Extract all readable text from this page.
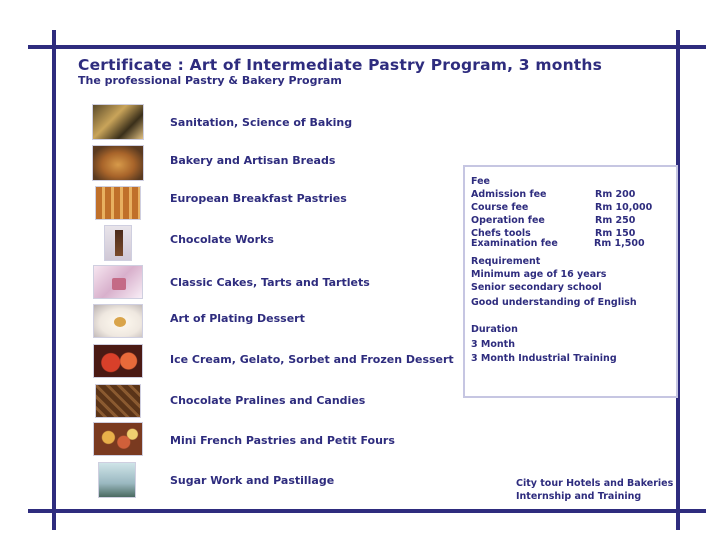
Certificate : Art of Intermediate Pastry Program, 3 months
The professional Pastry & Bakery Program
Sanitation, Science of Baking
Bakery and Artisan Breads
European Breakfast Pastries
Chocolate Works
Classic Cakes, Tarts and Tartlets
Art of Plating Dessert
Ice Cream, Gelato, Sorbet and Frozen Dessert
Chocolate Pralines and Candies
Mini French Pastries and Petit Fours
Sugar Work and Pastillage
Fee
Admission fee	Rm 200
Course fee	Rm 10,000
Operation fee	Rm 250
Chefs tools	Rm 150
Examination fee	Rm 1,500
Requirement
Minimum age of 16 years
Senior secondary school
Good understanding of English
Duration
3 Month
3 Month Industrial Training
City tour Hotels and Bakeries
Internship and Training
